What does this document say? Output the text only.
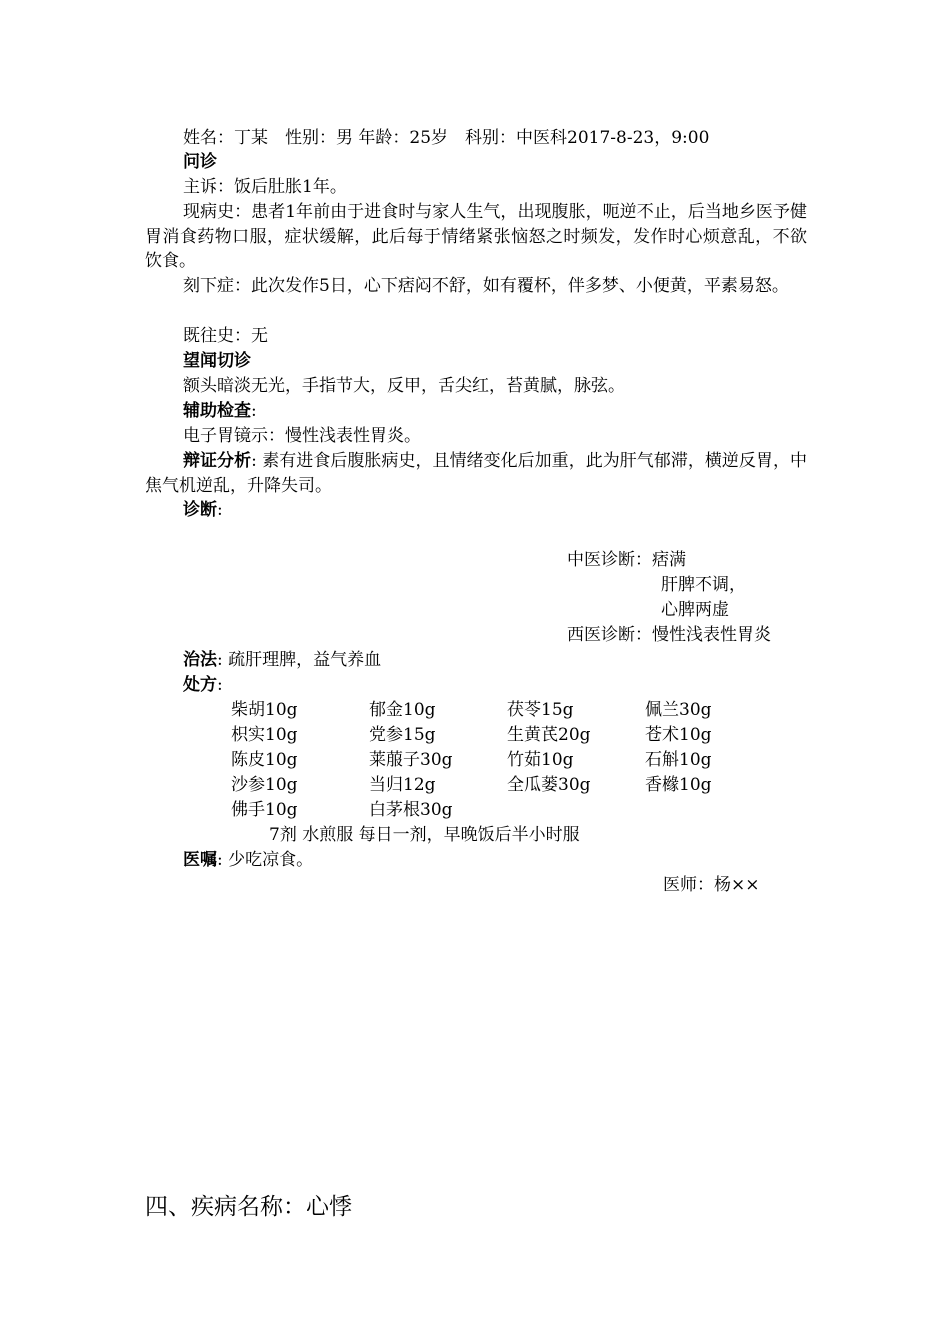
姓名：丁某　性别：男 年龄：25岁　科别：中医科2017-8-23，9:00
问诊
主诉：饭后肚胀1年。
现病史：患者1年前由于进食时与家人生气，出现腹胀，呃逆不止，后当地乡医予健胃消食药物口服，症状缓解，此后每于情绪紧张恼怒之时频发，发作时心烦意乱，不欲饮食。
刻下症：此次发作5日，心下痞闷不舒，如有覆杯，伴多梦、小便黄，平素易怒。
既往史：无
望闻切诊
额头暗淡无光，手指节大，反甲，舌尖红，苔黄腻，脉弦。
辅助检查:
电子胃镜示：慢性浅表性胃炎。
辩证分析: 素有进食后腹胀病史，且情绪变化后加重，此为肝气郁滞，横逆反胃，中焦气机逆乱，升降失司。
诊断:
中医诊断：痞满
肝脾不调，
心脾两虚
西医诊断：慢性浅表性胃炎
治法: 疏肝理脾，益气养血
处方:
柴胡10g	郁金10g	茯苓15g	佩兰30g
枳实10g	党参15g	生黄芪20g	苍术10g
陈皮10g	莱菔子30g	竹茹10g	石斛10g
沙参10g	当归12g	全瓜蒌30g	香橼10g
佛手10g	白茅根30g
7剂 水煎服 每日一剂，早晚饭后半小时服
医嘱: 少吃凉食。
医师：杨××
四、疾病名称：心悸
